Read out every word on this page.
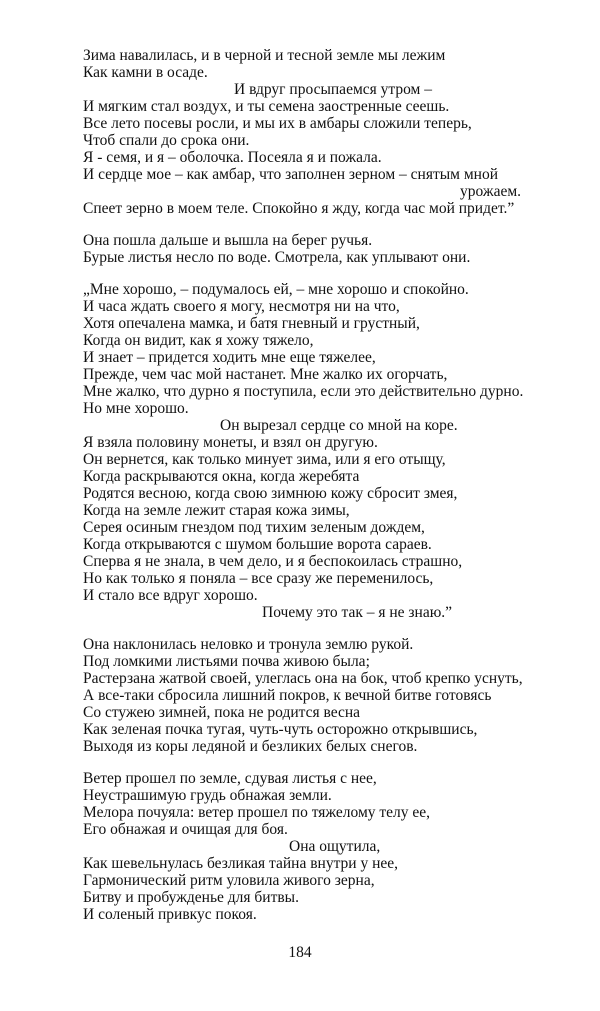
Зима навалилась, и в черной и тесной земле мы лежим
Как камни в осаде.
И вдруг просыпаемся утром –
И мягким стал воздух, и ты семена заостренные сеешь.
Все лето посевы росли, и мы их в амбары сложили теперь,
Чтоб спали до срока они.
Я - семя, и я – оболочка. Посеяла я и пожала.
И сердце мое – как амбар, что заполнен зерном – снятым мной
урожаем.
Спеет зерно в моем теле. Спокойно я жду, когда час мой придет.”
Она пошла дальше и вышла на берег ручья.
Бурые листья несло по воде. Смотрела, как уплывают они.
„Мне хорошо, – подумалось ей, – мне хорошо и спокойно.
И часа ждать своего я могу, несмотря ни на что,
Хотя опечалена мамка, и батя гневный и грустный,
Когда он видит, как я хожу тяжело,
И знает – придется ходить мне еще тяжелее,
Прежде, чем час мой настанет. Мне жалко их огорчать,
Мне жалко, что дурно я поступила, если это действительно дурно.
Но мне хорошо.
Он вырезал сердце со мной на коре.
Я взяла половину монеты, и взял он другую.
Он вернется, как только минует зима, или я его отыщу,
Когда раскрываются окна, когда жеребята
Родятся весною, когда свою зимнюю кожу сбросит змея,
Когда на земле лежит старая кожа зимы,
Серея осиным гнездом под тихим зеленым дождем,
Когда открываются с шумом большие ворота сараев.
Сперва я не знала, в чем дело, и я беспокоилась страшно,
Но как только я поняла – все сразу же переменилось,
И стало все вдруг хорошо.
Почему это так – я не знаю.”
Она наклонилась неловко и тронула землю рукой.
Под ломкими листьями почва живою была;
Растерзана жатвой своей, улеглась она на бок, чтоб крепко уснуть,
А все-таки сбросила лишний покров, к вечной битве готовясь
Со стужею зимней, пока не родится весна
Как зеленая почка тугая, чуть-чуть осторожно открывшись,
Выходя из коры ледяной и безликих белых снегов.
Ветер прошел по земле, сдувая листья с нее,
Неустрашимую грудь обнажая земли.
Мелора почуяла: ветер прошел по тяжелому телу ее,
Его обнажая и очищая для боя.
Она ощутила,
Как шевельнулась безликая тайна внутри у нее,
Гармонический ритм уловила живого зерна,
Битву и пробужденье для битвы.
И соленый привкус покоя.
184
